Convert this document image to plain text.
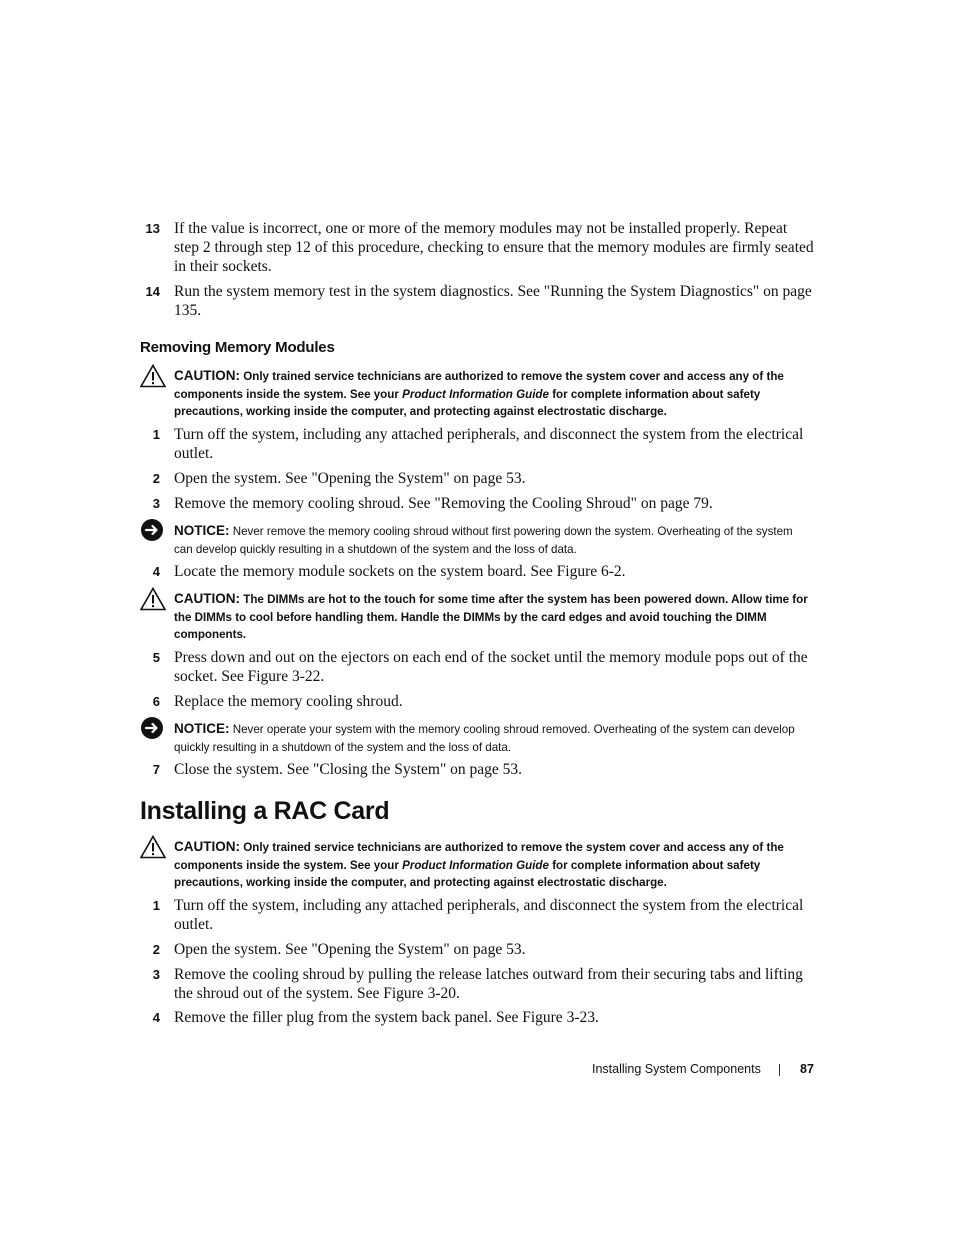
13 If the value is incorrect, one or more of the memory modules may not be installed properly. Repeat step 2 through step 12 of this procedure, checking to ensure that the memory modules are firmly seated in their sockets.
14 Run the system memory test in the system diagnostics. See "Running the System Diagnostics" on page 135.
Removing Memory Modules
CAUTION: Only trained service technicians are authorized to remove the system cover and access any of the components inside the system. See your Product Information Guide for complete information about safety precautions, working inside the computer, and protecting against electrostatic discharge.
1 Turn off the system, including any attached peripherals, and disconnect the system from the electrical outlet.
2 Open the system. See "Opening the System" on page 53.
3 Remove the memory cooling shroud. See "Removing the Cooling Shroud" on page 79.
NOTICE: Never remove the memory cooling shroud without first powering down the system. Overheating of the system can develop quickly resulting in a shutdown of the system and the loss of data.
4 Locate the memory module sockets on the system board. See Figure 6-2.
CAUTION: The DIMMs are hot to the touch for some time after the system has been powered down. Allow time for the DIMMs to cool before handling them. Handle the DIMMs by the card edges and avoid touching the DIMM components.
5 Press down and out on the ejectors on each end of the socket until the memory module pops out of the socket. See Figure 3-22.
6 Replace the memory cooling shroud.
NOTICE: Never operate your system with the memory cooling shroud removed. Overheating of the system can develop quickly resulting in a shutdown of the system and the loss of data.
7 Close the system. See "Closing the System" on page 53.
Installing a RAC Card
CAUTION: Only trained service technicians are authorized to remove the system cover and access any of the components inside the system. See your Product Information Guide for complete information about safety precautions, working inside the computer, and protecting against electrostatic discharge.
1 Turn off the system, including any attached peripherals, and disconnect the system from the electrical outlet.
2 Open the system. See "Opening the System" on page 53.
3 Remove the cooling shroud by pulling the release latches outward from their securing tabs and lifting the shroud out of the system. See Figure 3-20.
4 Remove the filler plug from the system back panel. See Figure 3-23.
Installing System Components	87
